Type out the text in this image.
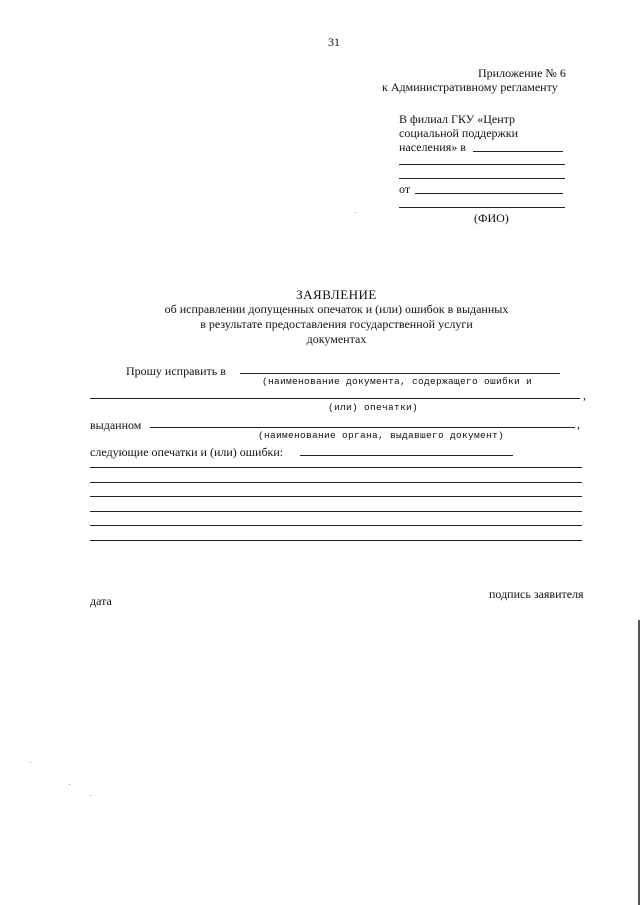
31
Приложение № 6
к Административному регламенту
В филиал ГКУ «Центр
социальной поддержки
населения» в
от
(ФИО)
ЗАЯВЛЕНИЕ
об исправлении допущенных опечаток и (или) ошибок в выданных
в результате предоставления государственной услуги
документах
Прошу исправить в
(наименование документа, содержащего ошибки и
,
(или) опечатки)
выданном	,
(наименование органа, выдавшего документ)
следующие опечатки и (или) ошибки:
дата	подпись заявителя
